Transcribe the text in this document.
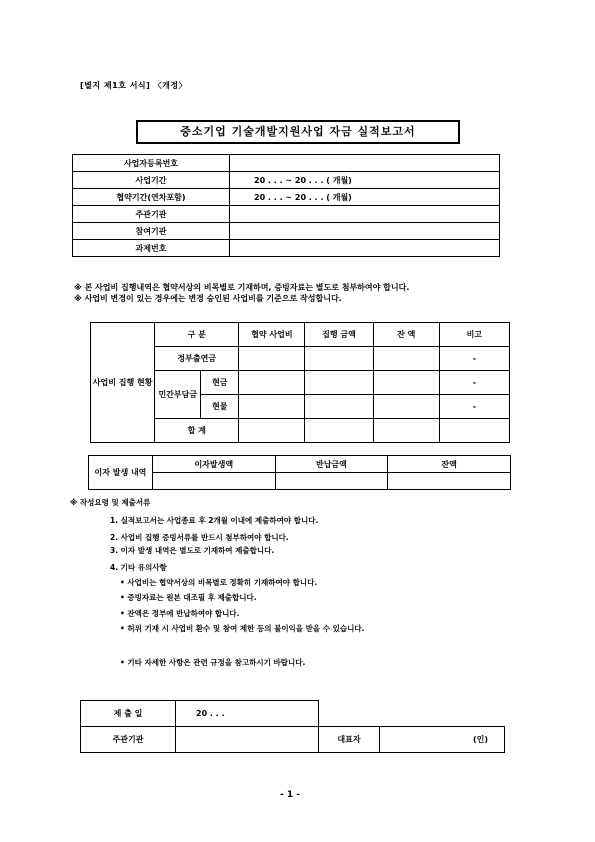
[별지 제1호 서식] 〈개정〉
중소기업 기술개발지원사업 자금 실적보고서
사업자등록번호	
사업기간	20 . . . ~ 20 . . . ( 개월)
협약기간(연차포함)	20 . . . ~ 20 . . . ( 개월)
주관기관	
참여기관	
과제번호	
※ 본 사업비 집행내역은 협약서상의 비목별로 기재하며, 증빙자료는 별도로 첨부하여야 합니다.
※ 사업비 변경이 있는 경우에는 변경 승인된 사업비를 기준으로 작성합니다.
사업비 집행 현황	구 분		협약 사업비	집행 금액	잔 액	비고
	정부출연금					-
	민간부담금	현금				-
		현물				-
	합 계					
이자 발생 내역	이자발생액	반납금액	잔액

※ 작성요령 및 제출서류
1. 실적보고서는 사업종료 후 2개월 이내에 제출하여야 합니다.
2. 사업비 집행 증빙서류를 반드시 첨부하여야 합니다.
3. 이자 발생 내역은 별도로 기재하여 제출합니다.
4. 기타 유의사항
• 사업비는 협약서상의 비목별로 정확히 기재하여야 합니다.
• 증빙자료는 원본 대조필 후 제출합니다.
• 잔액은 정부에 반납하여야 합니다.
• 허위 기재 시 사업비 환수 및 참여 제한 등의 불이익을 받을 수 있습니다.
• 기타 자세한 사항은 관련 규정을 참고하시기 바랍니다.
제 출 일	20 . . .		
주관기관		대표자	(인)
- 1 -
